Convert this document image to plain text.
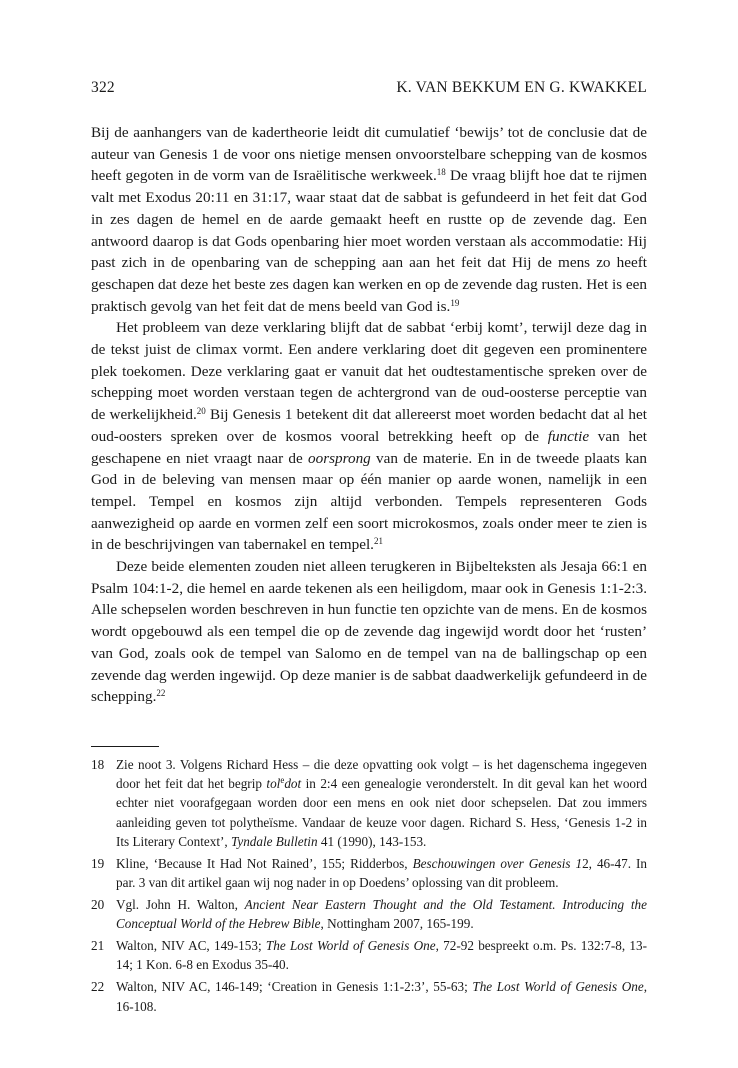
322	K. VAN BEKKUM EN G. KWAKKEL

Bij de aanhangers van de kadertheorie leidt dit cumulatief ‘bewijs’ tot de conclusie dat de auteur van Genesis 1 de voor ons nietige mensen onvoorstelbare schepping van de kosmos heeft gegoten in de vorm van de Israëlitische werkweek.$^{18}$ De vraag blijft hoe dat te rijmen valt met Exodus 20:11 en 31:17, waar staat dat de sabbat is gefundeerd in het feit dat God in zes dagen de hemel en de aarde gemaakt heeft en rustte op de zevende dag. Een antwoord daarop is dat Gods openbaring hier moet worden verstaan als accommodatie: Hij past zich in de openbaring van de schepping aan aan het feit dat Hij de mens zo heeft geschapen dat deze het beste zes dagen kan werken en op de zevende dag rusten. Het is een praktisch gevolg van het feit dat de mens beeld van God is.$^{19}$

Het probleem van deze verklaring blijft dat de sabbat ‘erbij komt’, terwijl deze dag in de tekst juist de climax vormt. Een andere verklaring doet dit gegeven een prominentere plek toekomen. Deze verklaring gaat er vanuit dat het oudtestamentische spreken over de schepping moet worden verstaan tegen de achtergrond van de oud-oosterse perceptie van de werkelijkheid.$^{20}$ Bij Genesis 1 betekent dit dat allereerst moet worden bedacht dat al het oud-oosters spreken over de kosmos vooral betrekking heeft op de functie van het geschapene en niet vraagt naar de oorsprong van de materie. En in de tweede plaats kan God in de beleving van mensen maar op één manier op aarde wonen, namelijk in een tempel. Tempel en kosmos zijn altijd verbonden. Tempels representeren Gods aanwezigheid op aarde en vormen zelf een soort microkosmos, zoals onder meer te zien is in de beschrijvingen van tabernakel en tempel.$^{21}$

Deze beide elementen zouden niet alleen terugkeren in Bijbelteksten als Jesaja 66:1 en Psalm 104:1-2, die hemel en aarde tekenen als een heiligdom, maar ook in Genesis 1:1-2:3. Alle schepselen worden beschreven in hun functie ten opzichte van de mens. En de kosmos wordt opgebouwd als een tempel die op de zevende dag ingewijd wordt door het ‘rusten’ van God, zoals ook de tempel van Salomo en de tempel van na de ballingschap op een zevende dag werden ingewijd. Op deze manier is de sabbat daadwerkelijk gefundeerd in de schepping.$^{22}$

18 Zie noot 3. Volgens Richard Hess – die deze opvatting ook volgt – is het dagenschema ingegeven door het feit dat het begrip tol$^e$dot in 2:4 een genealogie veronderstelt. In dit geval kan het woord echter niet voorafgegaan worden door een mens en ook niet door schepselen. Dat zou immers aanleiding geven tot polytheïsme. Vandaar de keuze voor dagen. Richard S. Hess, ‘Genesis 1-2 in Its Literary Context’, Tyndale Bulletin 41 (1990), 143-153.
19 Kline, ‘Because It Had Not Rained’, 155; Ridderbos, Beschouwingen over Genesis 12, 46-47. In par. 3 van dit artikel gaan wij nog nader in op Doedens’ oplossing van dit probleem.
20 Vgl. John H. Walton, Ancient Near Eastern Thought and the Old Testament. Introducing the Conceptual World of the Hebrew Bible, Nottingham 2007, 165-199.
21 Walton, NIV AC, 149-153; The Lost World of Genesis One, 72-92 bespreekt o.m. Ps. 132:7-8, 13-14; 1 Kon. 6-8 en Exodus 35-40.
22 Walton, NIV AC, 146-149; ‘Creation in Genesis 1:1-2:3’, 55-63; The Lost World of Genesis One, 16-108.
